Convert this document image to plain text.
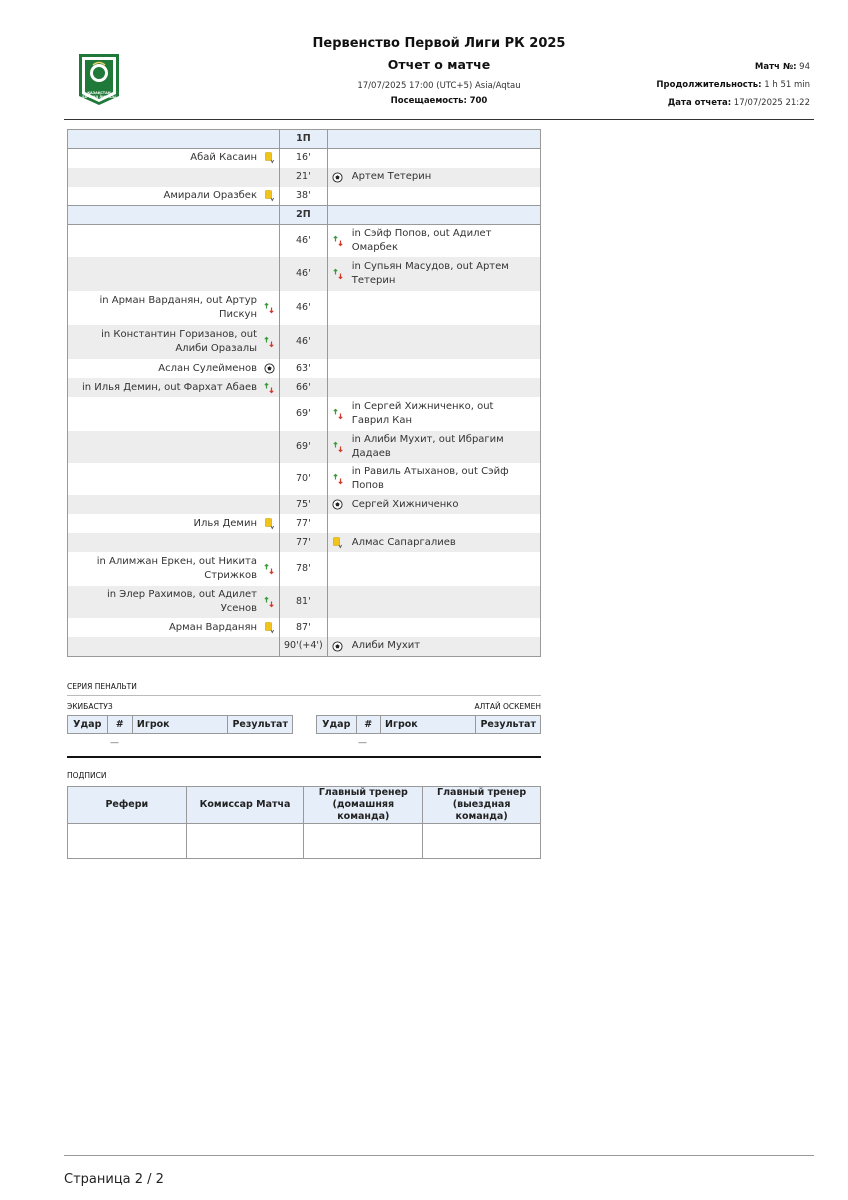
ҚАЗАҚСТАН
БІРІНШІ ЛИГАСЫ
Первенство Первой Лиги РК 2025
Отчет о матче
17/07/2025 17:00 (UTC+5) Asia/Aqtau
Посещаемость: 700
Матч №: 94
Продолжительность: 1 h 51 min
Дата отчета: 17/07/2025 21:22
	1П	

Абай Касаин	16'	
	21'	Артем Тетерин

Амирали Оразбек	38'	
	2П	
	46'	in Сэйф Попов, out Адилет Омарбек

	46'	in Супьян Масудов, out Артем Тетерин

in Арман Варданян, out Артур Пискун	46'	

in Константин Горизанов, out Алиби Оразалы	46'	

Аслан Сулейменов	63'	

in Илья Демин, out Фархат Абаев	66'	
	69'	in Сергей Хижниченко, out Гаврил Кан

	69'	in Алиби Мухит, out Ибрагим Дадаев

	70'	in Равиль Атыханов, out Сэйф Попов

	75'	Сергей Хижниченко

Илья Демин	77'	
	77'	Алмас Сапаргалиев

in Алимжан Еркен, out Никита Стрижков	78'	

in Элер Рахимов, out Адилет Усенов	81'	

Арман Варданян	87'	
	90'(+4')	Алиби Мухит
СЕРИЯ ПЕНАЛЬТИ
ЭКИБАСТУЗ	АЛТАЙ ОСКЕМЕН
Удар	#	Игрок	Результат	Удар	#	Игрок	Результат
—	—
ПОДПИСИ
Рефери	Комиссар Матча	Главный тренер (домашняя команда)	Главный тренер (выездная команда)

Страница 2 / 2
